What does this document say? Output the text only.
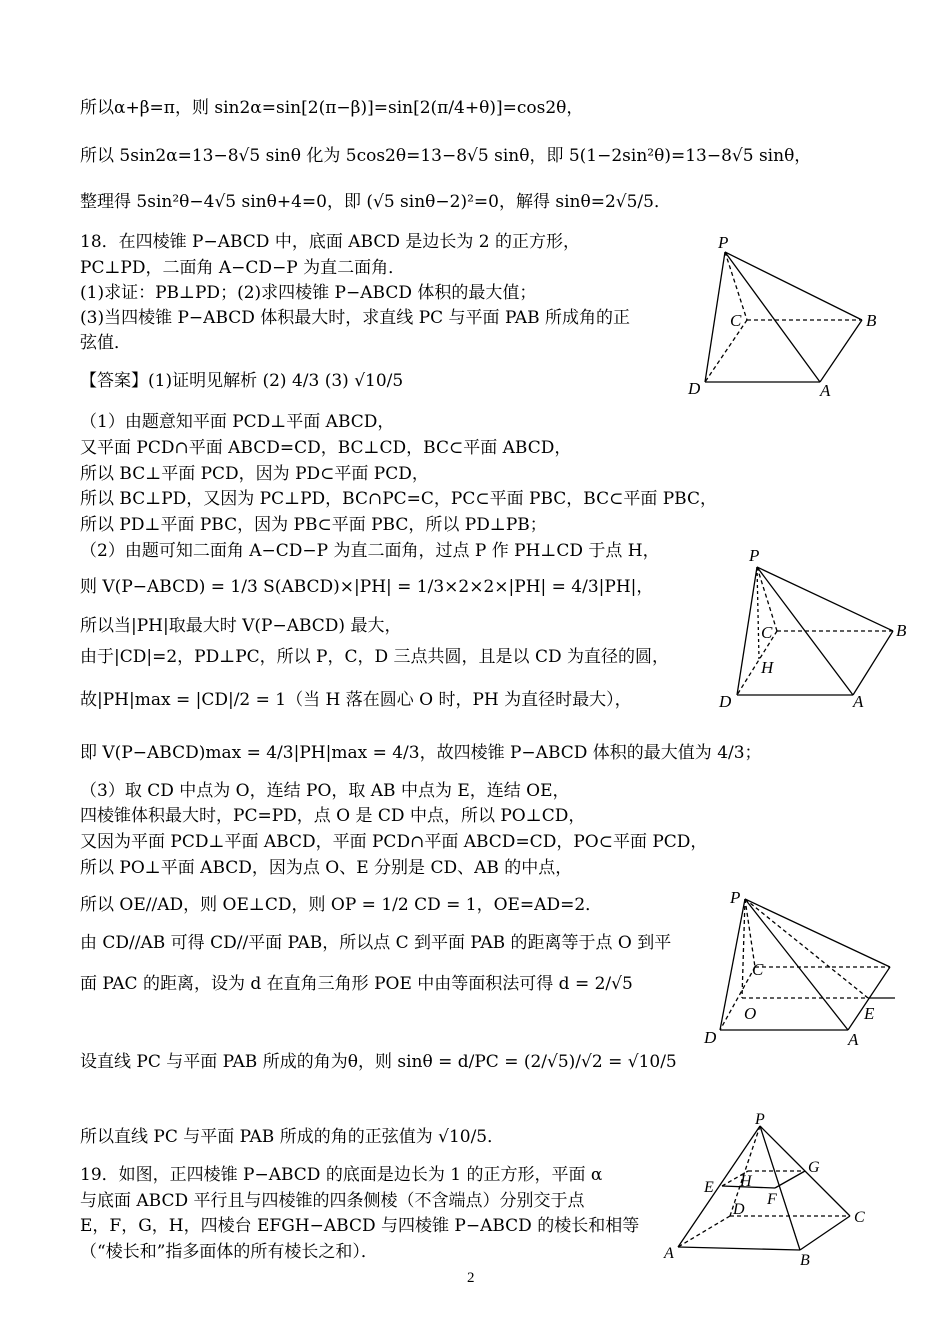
所以α+β=π，则 sin2α=sin[2(π−β)]=sin[2(π/4+θ)]=cos2θ，
所以 5sin2α=13−8√5 sinθ 化为 5cos2θ=13−8√5 sinθ，即 5(1−2sin²θ)=13−8√5 sinθ，
整理得 5sin²θ−4√5 sinθ+4=0，即 (√5 sinθ−2)²=0，解得 sinθ=2√5/5．
18．在四棱锥 P−ABCD 中，底面 ABCD 是边长为 2 的正方形，
PC⊥PD，二面角 A−CD−P 为直二面角．
(1)求证：PB⊥PD；(2)求四棱锥 P−ABCD 体积的最大值；
(3)当四棱锥 P−ABCD 体积最大时，求直线 PC 与平面 PAB 所成角的正
弦值．
【答案】(1)证明见解析 (2) 4/3 (3) √10/5
（1）由题意知平面 PCD⊥平面 ABCD，
又平面 PCD∩平面 ABCD=CD，BC⊥CD，BC⊂平面 ABCD，
所以 BC⊥平面 PCD，因为 PD⊂平面 PCD，
所以 BC⊥PD，又因为 PC⊥PD，BC∩PC=C，PC⊂平面 PBC，BC⊂平面 PBC，
所以 PD⊥平面 PBC，因为 PB⊂平面 PBC，所以 PD⊥PB；
（2）由题可知二面角 A−CD−P 为直二面角，过点 P 作 PH⊥CD 于点 H，
则 V(P−ABCD) = 1/3 S(ABCD)×|PH| = 1/3×2×2×|PH| = 4/3|PH|，
所以当|PH|取最大时 V(P−ABCD) 最大，
由于|CD|=2，PD⊥PC，所以 P，C，D 三点共圆，且是以 CD 为直径的圆，
故|PH|max = |CD|/2 = 1（当 H 落在圆心 O 时，PH 为直径时最大），
即 V(P−ABCD)max = 4/3|PH|max = 4/3，故四棱锥 P−ABCD 体积的最大值为 4/3；
（3）取 CD 中点为 O，连结 PO，取 AB 中点为 E，连结 OE，
四棱锥体积最大时，PC=PD，点 O 是 CD 中点，所以 PO⊥CD，
又因为平面 PCD⊥平面 ABCD，平面 PCD∩平面 ABCD=CD，PO⊂平面 PCD，
所以 PO⊥平面 ABCD，因为点 O、E 分别是 CD、AB 的中点，
所以 OE//AD，则 OE⊥CD，则 OP = 1/2 CD = 1，OE=AD=2．
由 CD//AB 可得 CD//平面 PAB，所以点 C 到平面 PAB 的距离等于点 O 到平
面 PAC 的距离，设为 d 在直角三角形 POE 中由等面积法可得 d = 2/√5
设直线 PC 与平面 PAB 所成的角为θ，则 sinθ = d/PC = (2/√5)/√2 = √10/5
所以直线 PC 与平面 PAB 所成的角的正弦值为 √10/5．
19．如图，正四棱锥 P−ABCD 的底面是边长为 1 的正方形，平面 α
与底面 ABCD 平行且与四棱锥的四条侧棱（不含端点）分别交于点
E，F，G，H，四棱台 EFGH−ABCD 与四棱锥 P−ABCD 的棱长和相等
（“棱长和”指多面体的所有棱长之和）．
P
C	B
D	A
P
C	B
H
D	A
P
C
O	E
D	A
P
G
E H
F
D	C
A	B
2
